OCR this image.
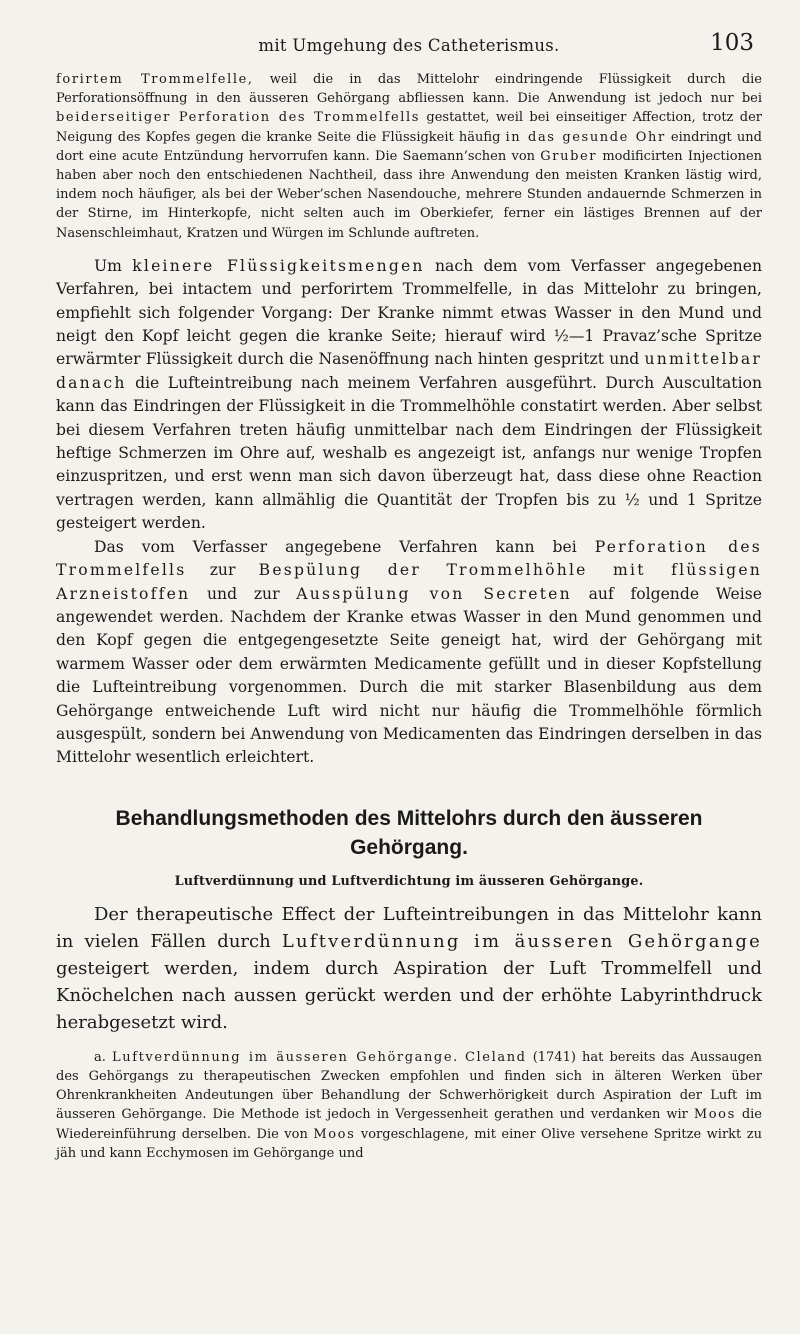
mit Umgehung des Catheterismus.	103

forirtem Trommelfelle, weil die in das Mittelohr eindringende Flüssigkeit durch die Perforationsöffnung in den äusseren Gehörgang abfliessen kann. Die Anwendung ist jedoch nur bei beiderseitiger Perforation des Trommelfells gestattet, weil bei einseitiger Affection, trotz der Neigung des Kopfes gegen die kranke Seite die Flüssigkeit häufig in das gesunde Ohr eindringt und dort eine acute Entzündung hervorrufen kann. Die Saemann’schen von Gruber modificirten Injectionen haben aber noch den entschiedenen Nachtheil, dass ihre Anwendung den meisten Kranken lästig wird, indem noch häufiger, als bei der Weber’schen Nasendouche, mehrere Stunden andauernde Schmerzen in der Stirne, im Hinterkopfe, nicht selten auch im Oberkiefer, ferner ein lästiges Brennen auf der Nasenschleimhaut, Kratzen und Würgen im Schlunde auftreten.

Um kleinere Flüssigkeitsmengen nach dem vom Verfasser angegebenen Verfahren, bei intactem und perforirtem Trommelfelle, in das Mittelohr zu bringen, empfiehlt sich folgender Vorgang: Der Kranke nimmt etwas Wasser in den Mund und neigt den Kopf leicht gegen die kranke Seite; hierauf wird ½—1 Pravaz’sche Spritze erwärmter Flüssigkeit durch die Nasenöffnung nach hinten gespritzt und unmittelbar danach die Lufteintreibung nach meinem Verfahren ausgeführt. Durch Auscultation kann das Eindringen der Flüssigkeit in die Trommelhöhle constatirt werden. Aber selbst bei diesem Verfahren treten häufig unmittelbar nach dem Eindringen der Flüssigkeit heftige Schmerzen im Ohre auf, weshalb es angezeigt ist, anfangs nur wenige Tropfen einzuspritzen, und erst wenn man sich davon überzeugt hat, dass diese ohne Reaction vertragen werden, kann allmählig die Quantität der Tropfen bis zu ½ und 1 Spritze gesteigert werden.

Das vom Verfasser angegebene Verfahren kann bei Perforation des Trommelfells zur Bespülung der Trommelhöhle mit flüssigen Arzneistoffen und zur Ausspülung von Secreten auf folgende Weise angewendet werden. Nachdem der Kranke etwas Wasser in den Mund genommen und den Kopf gegen die entgegengesetzte Seite geneigt hat, wird der Gehörgang mit warmem Wasser oder dem erwärmten Medicamente gefüllt und in dieser Kopfstellung die Lufteintreibung vorgenommen. Durch die mit starker Blasenbildung aus dem Gehörgange entweichende Luft wird nicht nur häufig die Trommelhöhle förmlich ausgespült, sondern bei Anwendung von Medicamenten das Eindringen derselben in das Mittelohr wesentlich erleichtert.

Behandlungsmethoden des Mittelohrs durch den äusseren Gehörgang.
Luftverdünnung und Luftverdichtung im äusseren Gehörgange.

Der therapeutische Effect der Lufteintreibungen in das Mittelohr kann in vielen Fällen durch Luftverdünnung im äusseren Gehörgange gesteigert werden, indem durch Aspiration der Luft Trommelfell und Knöchelchen nach aussen gerückt werden und der erhöhte Labyrinthdruck herabgesetzt wird.

a. Luftverdünnung im äusseren Gehörgange. Cleland (1741) hat bereits das Aussaugen des Gehörgangs zu therapeutischen Zwecken empfohlen und finden sich in älteren Werken über Ohrenkrankheiten Andeutungen über Behandlung der Schwerhörigkeit durch Aspiration der Luft im äusseren Gehörgange. Die Methode ist jedoch in Vergessenheit gerathen und verdanken wir Moos die Wiedereinführung derselben. Die von Moos vorgeschlagene, mit einer Olive versehene Spritze wirkt zu jäh und kann Ecchymosen im Gehörgange und
